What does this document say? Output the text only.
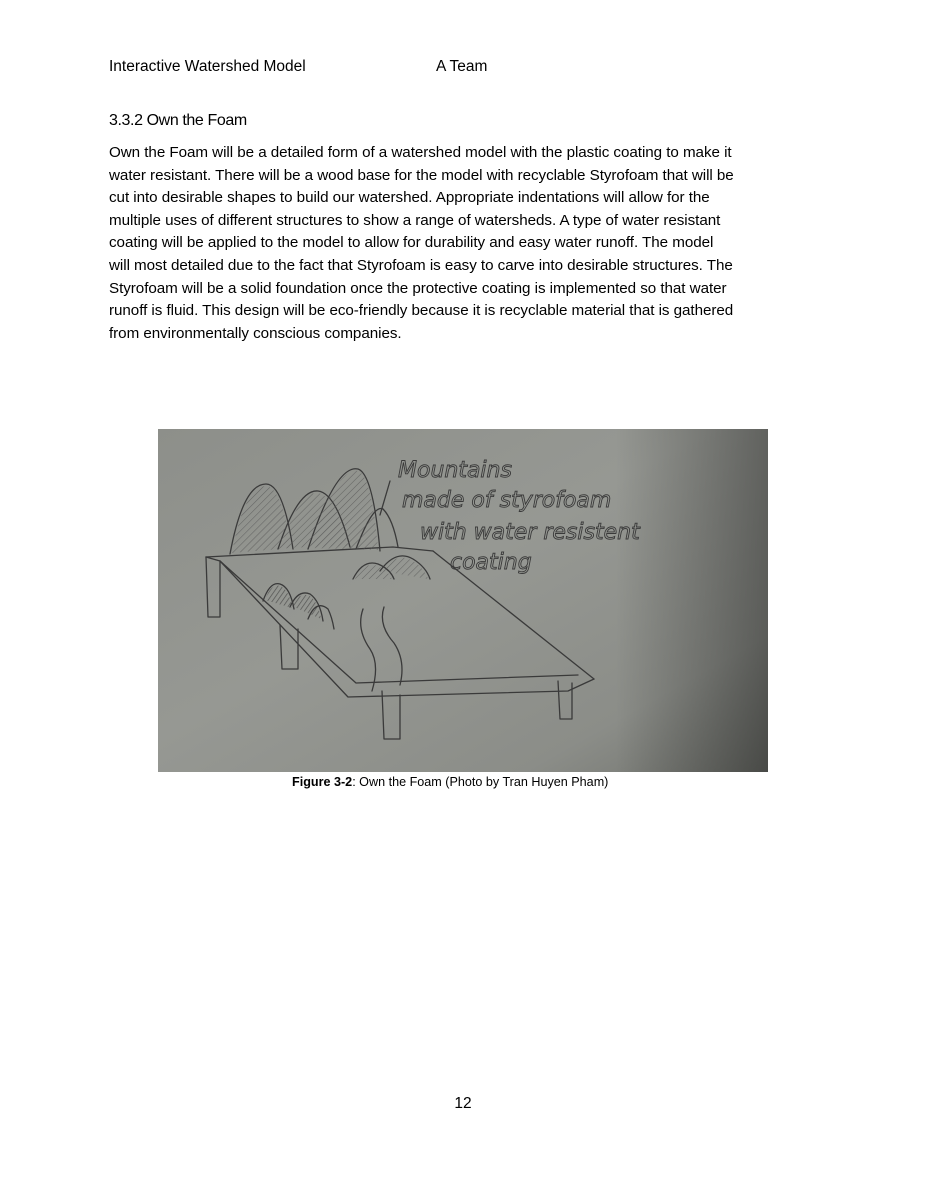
Interactive Watershed Model	A Team
3.3.2 Own the Foam
Own the Foam will be a detailed form of a watershed model with the plastic coating to make it
water resistant. There will be a wood base for the model with recyclable Styrofoam that will be
cut into desirable shapes to build our watershed. Appropriate indentations will allow for the
multiple uses of different structures to show a range of watersheds. A type of water resistant
coating will be applied to the model to allow for durability and easy water runoff. The model
will most detailed due to the fact that Styrofoam is easy to carve into desirable structures. The
Styrofoam will be a solid foundation once the protective coating is implemented so that water
runoff is fluid. This design will be eco-friendly because it is recyclable material that is gathered
from environmentally conscious companies.
Mountains
made of styrofoam
with water resistent
coating
Figure 3-2: Own the Foam (Photo by Tran Huyen Pham)
12
